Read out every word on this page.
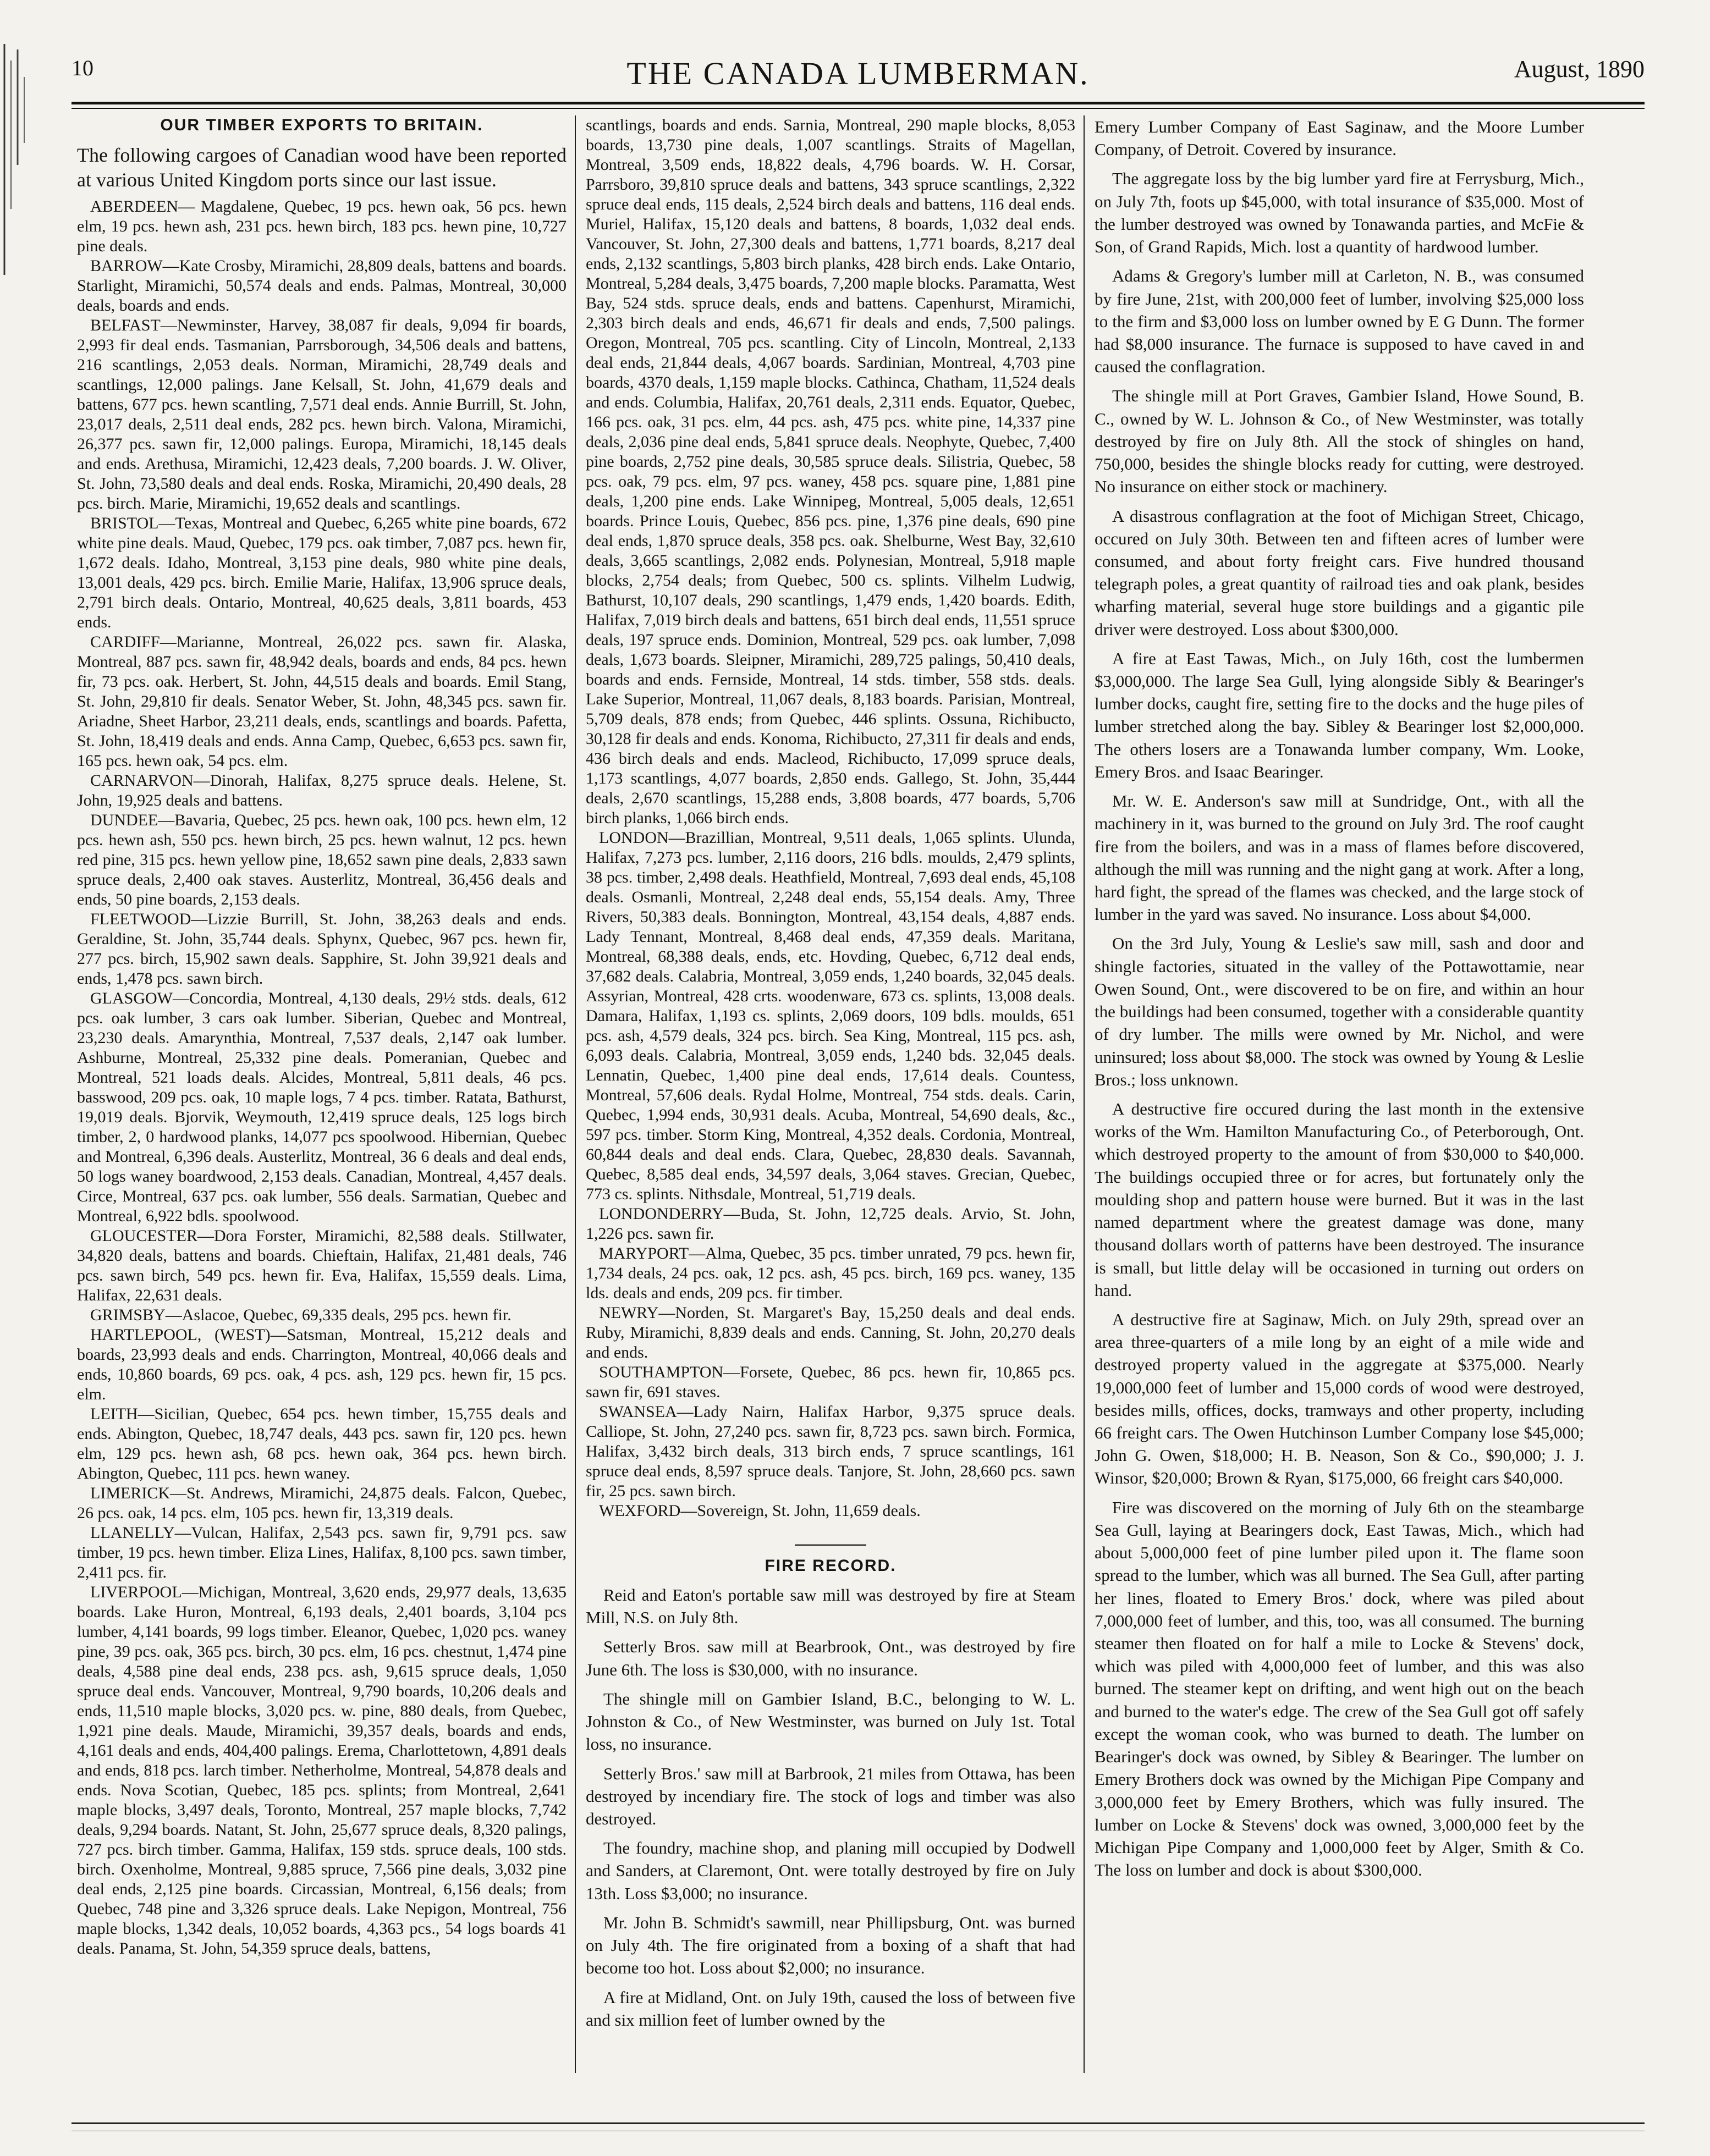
10	THE CANADA LUMBERMAN.	August, 1890
OUR TIMBER EXPORTS TO BRITAIN.

The following cargoes of Canadian wood have been reported at various United Kingdom ports since our last issue.

ABERDEEN— Magdalene, Quebec, 19 pcs. hewn oak, 56 pcs. hewn elm, 19 pcs. hewn ash, 231 pcs. hewn birch, 183 pcs. hewn pine, 10,727 pine deals.

BARROW—Kate Crosby, Miramichi, 28,809 deals, battens and boards. Starlight, Miramichi, 50,574 deals and ends. Palmas, Montreal, 30,000 deals, boards and ends.

BELFAST—Newminster, Harvey, 38,087 fir deals, 9,094 fir boards, 2,993 fir deal ends. Tasmanian, Parrsborough, 34,506 deals and battens, 216 scantlings, 2,053 deals. Norman, Miramichi, 28,749 deals and scantlings, 12,000 palings. Jane Kelsall, St. John, 41,679 deals and battens, 677 pcs. hewn scantling, 7,571 deal ends. Annie Burrill, St. John, 23,017 deals, 2,511 deal ends, 282 pcs. hewn birch. Valona, Miramichi, 26,377 pcs. sawn fir, 12,000 palings. Europa, Miramichi, 18,145 deals and ends. Arethusa, Miramichi, 12,423 deals, 7,200 boards. J. W. Oliver, St. John, 73,580 deals and deal ends. Roska, Miramichi, 20,490 deals, 28 pcs. birch. Marie, Miramichi, 19,652 deals and scantlings.

BRISTOL—Texas, Montreal and Quebec, 6,265 white pine boards, 672 white pine deals. Maud, Quebec, 179 pcs. oak timber, 7,087 pcs. hewn fir, 1,672 deals. Idaho, Montreal, 3,153 pine deals, 980 white pine deals, 13,001 deals, 429 pcs. birch. Emilie Marie, Halifax, 13,906 spruce deals, 2,791 birch deals. Ontario, Montreal, 40,625 deals, 3,811 boards, 453 ends.

CARDIFF—Marianne, Montreal, 26,022 pcs. sawn fir. Alaska, Montreal, 887 pcs. sawn fir, 48,942 deals, boards and ends, 84 pcs. hewn fir, 73 pcs. oak. Herbert, St. John, 44,515 deals and boards. Emil Stang, St. John, 29,810 fir deals. Senator Weber, St. John, 48,345 pcs. sawn fir. Ariadne, Sheet Harbor, 23,211 deals, ends, scantlings and boards. Pafetta, St. John, 18,419 deals and ends. Anna Camp, Quebec, 6,653 pcs. sawn fir, 165 pcs. hewn oak, 54 pcs. elm.

CARNARVON—Dinorah, Halifax, 8,275 spruce deals. Helene, St. John, 19,925 deals and battens.

DUNDEE—Bavaria, Quebec, 25 pcs. hewn oak, 100 pcs. hewn elm, 12 pcs. hewn ash, 550 pcs. hewn birch, 25 pcs. hewn walnut, 12 pcs. hewn red pine, 315 pcs. hewn yellow pine, 18,652 sawn pine deals, 2,833 sawn spruce deals, 2,400 oak staves. Austerlitz, Montreal, 36,456 deals and ends, 50 pine boards, 2,153 deals.

FLEETWOOD—Lizzie Burrill, St. John, 38,263 deals and ends. Geraldine, St. John, 35,744 deals. Sphynx, Quebec, 967 pcs. hewn fir, 277 pcs. birch, 15,902 sawn deals. Sapphire, St. John 39,921 deals and ends, 1,478 pcs. sawn birch.

GLASGOW—Concordia, Montreal, 4,130 deals, 29½ stds. deals, 612 pcs. oak lumber, 3 cars oak lumber. Siberian, Quebec and Montreal, 23,230 deals. Amarynthia, Montreal, 7,537 deals, 2,147 oak lumber. Ashburne, Montreal, 25,332 pine deals. Pomeranian, Quebec and Montreal, 521 loads deals. Alcides, Montreal, 5,811 deals, 46 pcs. basswood, 209 pcs. oak, 10 maple logs, 7 4 pcs. timber. Ratata, Bathurst, 19,019 deals. Bjorvik, Weymouth, 12,419 spruce deals, 125 logs birch timber, 2, 0 hardwood planks, 14,077 pcs spoolwood. Hibernian, Quebec and Montreal, 6,396 deals. Austerlitz, Montreal, 36 6 deals and deal ends, 50 logs waney boardwood, 2,153 deals. Canadian, Montreal, 4,457 deals. Circe, Montreal, 637 pcs. oak lumber, 556 deals. Sarmatian, Quebec and Montreal, 6,922 bdls. spoolwood.

GLOUCESTER—Dora Forster, Miramichi, 82,588 deals. Stillwater, 34,820 deals, battens and boards. Chieftain, Halifax, 21,481 deals, 746 pcs. sawn birch, 549 pcs. hewn fir. Eva, Halifax, 15,559 deals. Lima, Halifax, 22,631 deals.

GRIMSBY—Aslacoe, Quebec, 69,335 deals, 295 pcs. hewn fir.

HARTLEPOOL, (WEST)—Satsman, Montreal, 15,212 deals and boards, 23,993 deals and ends. Charrington, Montreal, 40,066 deals and ends, 10,860 boards, 69 pcs. oak, 4 pcs. ash, 129 pcs. hewn fir, 15 pcs. elm.

LEITH—Sicilian, Quebec, 654 pcs. hewn timber, 15,755 deals and ends. Abington, Quebec, 18,747 deals, 443 pcs. sawn fir, 120 pcs. hewn elm, 129 pcs. hewn ash, 68 pcs. hewn oak, 364 pcs. hewn birch. Abington, Quebec, 111 pcs. hewn waney.

LIMERICK—St. Andrews, Miramichi, 24,875 deals. Falcon, Quebec, 26 pcs. oak, 14 pcs. elm, 105 pcs. hewn fir, 13,319 deals.

LLANELLY—Vulcan, Halifax, 2,543 pcs. sawn fir, 9,791 pcs. saw timber, 19 pcs. hewn timber. Eliza Lines, Halifax, 8,100 pcs. sawn timber, 2,411 pcs. fir.

LIVERPOOL—Michigan, Montreal, 3,620 ends, 29,977 deals, 13,635 boards. Lake Huron, Montreal, 6,193 deals, 2,401 boards, 3,104 pcs lumber, 4,141 boards, 99 logs timber. Eleanor, Quebec, 1,020 pcs. waney pine, 39 pcs. oak, 365 pcs. birch, 30 pcs. elm, 16 pcs. chestnut, 1,474 pine deals, 4,588 pine deal ends, 238 pcs. ash, 9,615 spruce deals, 1,050 spruce deal ends. Vancouver, Montreal, 9,790 boards, 10,206 deals and ends, 11,510 maple blocks, 3,020 pcs. w. pine, 880 deals, from Quebec, 1,921 pine deals. Maude, Miramichi, 39,357 deals, boards and ends, 4,161 deals and ends, 404,400 palings. Erema, Charlottetown, 4,891 deals and ends, 818 pcs. larch timber. Netherholme, Montreal, 54,878 deals and ends. Nova Scotian, Quebec, 185 pcs. splints; from Montreal, 2,641 maple blocks, 3,497 deals, Toronto, Montreal, 257 maple blocks, 7,742 deals, 9,294 boards. Natant, St. John, 25,677 spruce deals, 8,320 palings, 727 pcs. birch timber. Gamma, Halifax, 159 stds. spruce deals, 100 stds. birch. Oxenholme, Montreal, 9,885 spruce, 7,566 pine deals, 3,032 pine deal ends, 2,125 pine boards. Circassian, Montreal, 6,156 deals; from Quebec, 748 pine and 3,326 spruce deals. Lake Nepigon, Montreal, 756 maple blocks, 1,342 deals, 10,052 boards, 4,363 pcs., 54 logs boards 41 deals. Panama, St. John, 54,359 spruce deals, battens,

scantlings, boards and ends. Sarnia, Montreal, 290 maple blocks, 8,053 boards, 13,730 pine deals, 1,007 scantlings. Straits of Magellan, Montreal, 3,509 ends, 18,822 deals, 4,796 boards. W. H. Corsar, Parrsboro, 39,810 spruce deals and battens, 343 spruce scantlings, 2,322 spruce deal ends, 115 deals, 2,524 birch deals and battens, 116 deal ends. Muriel, Halifax, 15,120 deals and battens, 8 boards, 1,032 deal ends. Vancouver, St. John, 27,300 deals and battens, 1,771 boards, 8,217 deal ends, 2,132 scantlings, 5,803 birch planks, 428 birch ends. Lake Ontario, Montreal, 5,284 deals, 3,475 boards, 7,200 maple blocks. Paramatta, West Bay, 524 stds. spruce deals, ends and battens. Capenhurst, Miramichi, 2,303 birch deals and ends, 46,671 fir deals and ends, 7,500 palings. Oregon, Montreal, 705 pcs. scantling. City of Lincoln, Montreal, 2,133 deal ends, 21,844 deals, 4,067 boards. Sardinian, Montreal, 4,703 pine boards, 4370 deals, 1,159 maple blocks. Cathinca, Chatham, 11,524 deals and ends. Columbia, Halifax, 20,761 deals, 2,311 ends. Equator, Quebec, 166 pcs. oak, 31 pcs. elm, 44 pcs. ash, 475 pcs. white pine, 14,337 pine deals, 2,036 pine deal ends, 5,841 spruce deals. Neophyte, Quebec, 7,400 pine boards, 2,752 pine deals, 30,585 spruce deals. Silistria, Quebec, 58 pcs. oak, 79 pcs. elm, 97 pcs. waney, 458 pcs. square pine, 1,881 pine deals, 1,200 pine ends. Lake Winnipeg, Montreal, 5,005 deals, 12,651 boards. Prince Louis, Quebec, 856 pcs. pine, 1,376 pine deals, 690 pine deal ends, 1,870 spruce deals, 358 pcs. oak. Shelburne, West Bay, 32,610 deals, 3,665 scantlings, 2,082 ends. Polynesian, Montreal, 5,918 maple blocks, 2,754 deals; from Quebec, 500 cs. splints. Vilhelm Ludwig, Bathurst, 10,107 deals, 290 scantlings, 1,479 ends, 1,420 boards. Edith, Halifax, 7,019 birch deals and battens, 651 birch deal ends, 11,551 spruce deals, 197 spruce ends. Dominion, Montreal, 529 pcs. oak lumber, 7,098 deals, 1,673 boards. Sleipner, Miramichi, 289,725 palings, 50,410 deals, boards and ends. Fernside, Montreal, 14 stds. timber, 558 stds. deals. Lake Superior, Montreal, 11,067 deals, 8,183 boards. Parisian, Montreal, 5,709 deals, 878 ends; from Quebec, 446 splints. Ossuna, Richibucto, 30,128 fir deals and ends. Konoma, Richibucto, 27,311 fir deals and ends, 436 birch deals and ends. Macleod, Richibucto, 17,099 spruce deals, 1,173 scantlings, 4,077 boards, 2,850 ends. Gallego, St. John, 35,444 deals, 2,670 scantlings, 15,288 ends, 3,808 boards, 477 boards, 5,706 birch planks, 1,066 birch ends.

LONDON—Brazillian, Montreal, 9,511 deals, 1,065 splints. Ulunda, Halifax, 7,273 pcs. lumber, 2,116 doors, 216 bdls. moulds, 2,479 splints, 38 pcs. timber, 2,498 deals. Heathfield, Montreal, 7,693 deal ends, 45,108 deals. Osmanli, Montreal, 2,248 deal ends, 55,154 deals. Amy, Three Rivers, 50,383 deals. Bonnington, Montreal, 43,154 deals, 4,887 ends. Lady Tennant, Montreal, 8,468 deal ends, 47,359 deals. Maritana, Montreal, 68,388 deals, ends, etc. Hovding, Quebec, 6,712 deal ends, 37,682 deals. Calabria, Montreal, 3,059 ends, 1,240 boards, 32,045 deals. Assyrian, Montreal, 428 crts. woodenware, 673 cs. splints, 13,008 deals. Damara, Halifax, 1,193 cs. splints, 2,069 doors, 109 bdls. moulds, 651 pcs. ash, 4,579 deals, 324 pcs. birch. Sea King, Montreal, 115 pcs. ash, 6,093 deals. Calabria, Montreal, 3,059 ends, 1,240 bds. 32,045 deals. Lennatin, Quebec, 1,400 pine deal ends, 17,614 deals. Countess, Montreal, 57,606 deals. Rydal Holme, Montreal, 754 stds. deals. Carin, Quebec, 1,994 ends, 30,931 deals. Acuba, Montreal, 54,690 deals, &c., 597 pcs. timber. Storm King, Montreal, 4,352 deals. Cordonia, Montreal, 60,844 deals and deal ends. Clara, Quebec, 28,830 deals. Savannah, Quebec, 8,585 deal ends, 34,597 deals, 3,064 staves. Grecian, Quebec, 773 cs. splints. Nithsdale, Montreal, 51,719 deals.

LONDONDERRY—Buda, St. John, 12,725 deals. Arvio, St. John, 1,226 pcs. sawn fir.

MARYPORT—Alma, Quebec, 35 pcs. timber unrated, 79 pcs. hewn fir, 1,734 deals, 24 pcs. oak, 12 pcs. ash, 45 pcs. birch, 169 pcs. waney, 135 lds. deals and ends, 209 pcs. fir timber.

NEWRY—Norden, St. Margaret's Bay, 15,250 deals and deal ends. Ruby, Miramichi, 8,839 deals and ends. Canning, St. John, 20,270 deals and ends.

SOUTHAMPTON—Forsete, Quebec, 86 pcs. hewn fir, 10,865 pcs. sawn fir, 691 staves.

SWANSEA—Lady Nairn, Halifax Harbor, 9,375 spruce deals. Calliope, St. John, 27,240 pcs. sawn fir, 8,723 pcs. sawn birch. Formica, Halifax, 3,432 birch deals, 313 birch ends, 7 spruce scantlings, 161 spruce deal ends, 8,597 spruce deals. Tanjore, St. John, 28,660 pcs. sawn fir, 25 pcs. sawn birch.

WEXFORD—Sovereign, St. John, 11,659 deals.

FIRE RECORD.

Reid and Eaton's portable saw mill was destroyed by fire at Steam Mill, N.S. on July 8th.

Setterly Bros. saw mill at Bearbrook, Ont., was destroyed by fire June 6th. The loss is $30,000, with no insurance.

The shingle mill on Gambier Island, B.C., belonging to W. L. Johnston & Co., of New Westminster, was burned on July 1st. Total loss, no insurance.

Setterly Bros.' saw mill at Barbrook, 21 miles from Ottawa, has been destroyed by incendiary fire. The stock of logs and timber was also destroyed.

The foundry, machine shop, and planing mill occupied by Dodwell and Sanders, at Claremont, Ont. were totally destroyed by fire on July 13th. Loss $3,000; no insurance.

Mr. John B. Schmidt's sawmill, near Phillipsburg, Ont. was burned on July 4th. The fire originated from a boxing of a shaft that had become too hot. Loss about $2,000; no insurance.

A fire at Midland, Ont. on July 19th, caused the loss of between five and six million feet of lumber owned by the

Emery Lumber Company of East Saginaw, and the Moore Lumber Company, of Detroit. Covered by insurance.

The aggregate loss by the big lumber yard fire at Ferrysburg, Mich., on July 7th, foots up $45,000, with total insurance of $35,000. Most of the lumber destroyed was owned by Tonawanda parties, and McFie & Son, of Grand Rapids, Mich. lost a quantity of hardwood lumber.

Adams & Gregory's lumber mill at Carleton, N. B., was consumed by fire June, 21st, with 200,000 feet of lumber, involving $25,000 loss to the firm and $3,000 loss on lumber owned by E G Dunn. The former had $8,000 insurance. The furnace is supposed to have caved in and caused the conflagration.

The shingle mill at Port Graves, Gambier Island, Howe Sound, B. C., owned by W. L. Johnson & Co., of New Westminster, was totally destroyed by fire on July 8th. All the stock of shingles on hand, 750,000, besides the shingle blocks ready for cutting, were destroyed. No insurance on either stock or machinery.

A disastrous conflagration at the foot of Michigan Street, Chicago, occured on July 30th. Between ten and fifteen acres of lumber were consumed, and about forty freight cars. Five hundred thousand telegraph poles, a great quantity of railroad ties and oak plank, besides wharfing material, several huge store buildings and a gigantic pile driver were destroyed. Loss about $300,000.

A fire at East Tawas, Mich., on July 16th, cost the lumbermen $3,000,000. The large Sea Gull, lying alongside Sibly & Bearinger's lumber docks, caught fire, setting fire to the docks and the huge piles of lumber stretched along the bay. Sibley & Bearinger lost $2,000,000. The others losers are a Tonawanda lumber company, Wm. Looke, Emery Bros. and Isaac Bearinger.

Mr. W. E. Anderson's saw mill at Sundridge, Ont., with all the machinery in it, was burned to the ground on July 3rd. The roof caught fire from the boilers, and was in a mass of flames before discovered, although the mill was running and the night gang at work. After a long, hard fight, the spread of the flames was checked, and the large stock of lumber in the yard was saved. No insurance. Loss about $4,000.

On the 3rd July, Young & Leslie's saw mill, sash and door and shingle factories, situated in the valley of the Pottawottamie, near Owen Sound, Ont., were discovered to be on fire, and within an hour the buildings had been consumed, together with a considerable quantity of dry lumber. The mills were owned by Mr. Nichol, and were uninsured; loss about $8,000. The stock was owned by Young & Leslie Bros.; loss unknown.

A destructive fire occured during the last month in the extensive works of the Wm. Hamilton Manufacturing Co., of Peterborough, Ont. which destroyed property to the amount of from $30,000 to $40,000. The buildings occupied three or for acres, but fortunately only the moulding shop and pattern house were burned. But it was in the last named department where the greatest damage was done, many thousand dollars worth of patterns have been destroyed. The insurance is small, but little delay will be occasioned in turning out orders on hand.

A destructive fire at Saginaw, Mich. on July 29th, spread over an area three-quarters of a mile long by an eight of a mile wide and destroyed property valued in the aggregate at $375,000. Nearly 19,000,000 feet of lumber and 15,000 cords of wood were destroyed, besides mills, offices, docks, tramways and other property, including 66 freight cars. The Owen Hutchinson Lumber Company lose $45,000; John G. Owen, $18,000; H. B. Neason, Son & Co., $90,000; J. J. Winsor, $20,000; Brown & Ryan, $175,000, 66 freight cars $40,000.

Fire was discovered on the morning of July 6th on the steambarge Sea Gull, laying at Bearingers dock, East Tawas, Mich., which had about 5,000,000 feet of pine lumber piled upon it. The flame soon spread to the lumber, which was all burned. The Sea Gull, after parting her lines, floated to Emery Bros.' dock, where was piled about 7,000,000 feet of lumber, and this, too, was all consumed. The burning steamer then floated on for half a mile to Locke & Stevens' dock, which was piled with 4,000,000 feet of lumber, and this was also burned. The steamer kept on drifting, and went high out on the beach and burned to the water's edge. The crew of the Sea Gull got off safely except the woman cook, who was burned to death. The lumber on Bearinger's dock was owned, by Sibley & Bearinger. The lumber on Emery Brothers dock was owned by the Michigan Pipe Company and 3,000,000 feet by Emery Brothers, which was fully insured. The lumber on Locke & Stevens' dock was owned, 3,000,000 feet by the Michigan Pipe Company and 1,000,000 feet by Alger, Smith & Co. The loss on lumber and dock is about $300,000.
